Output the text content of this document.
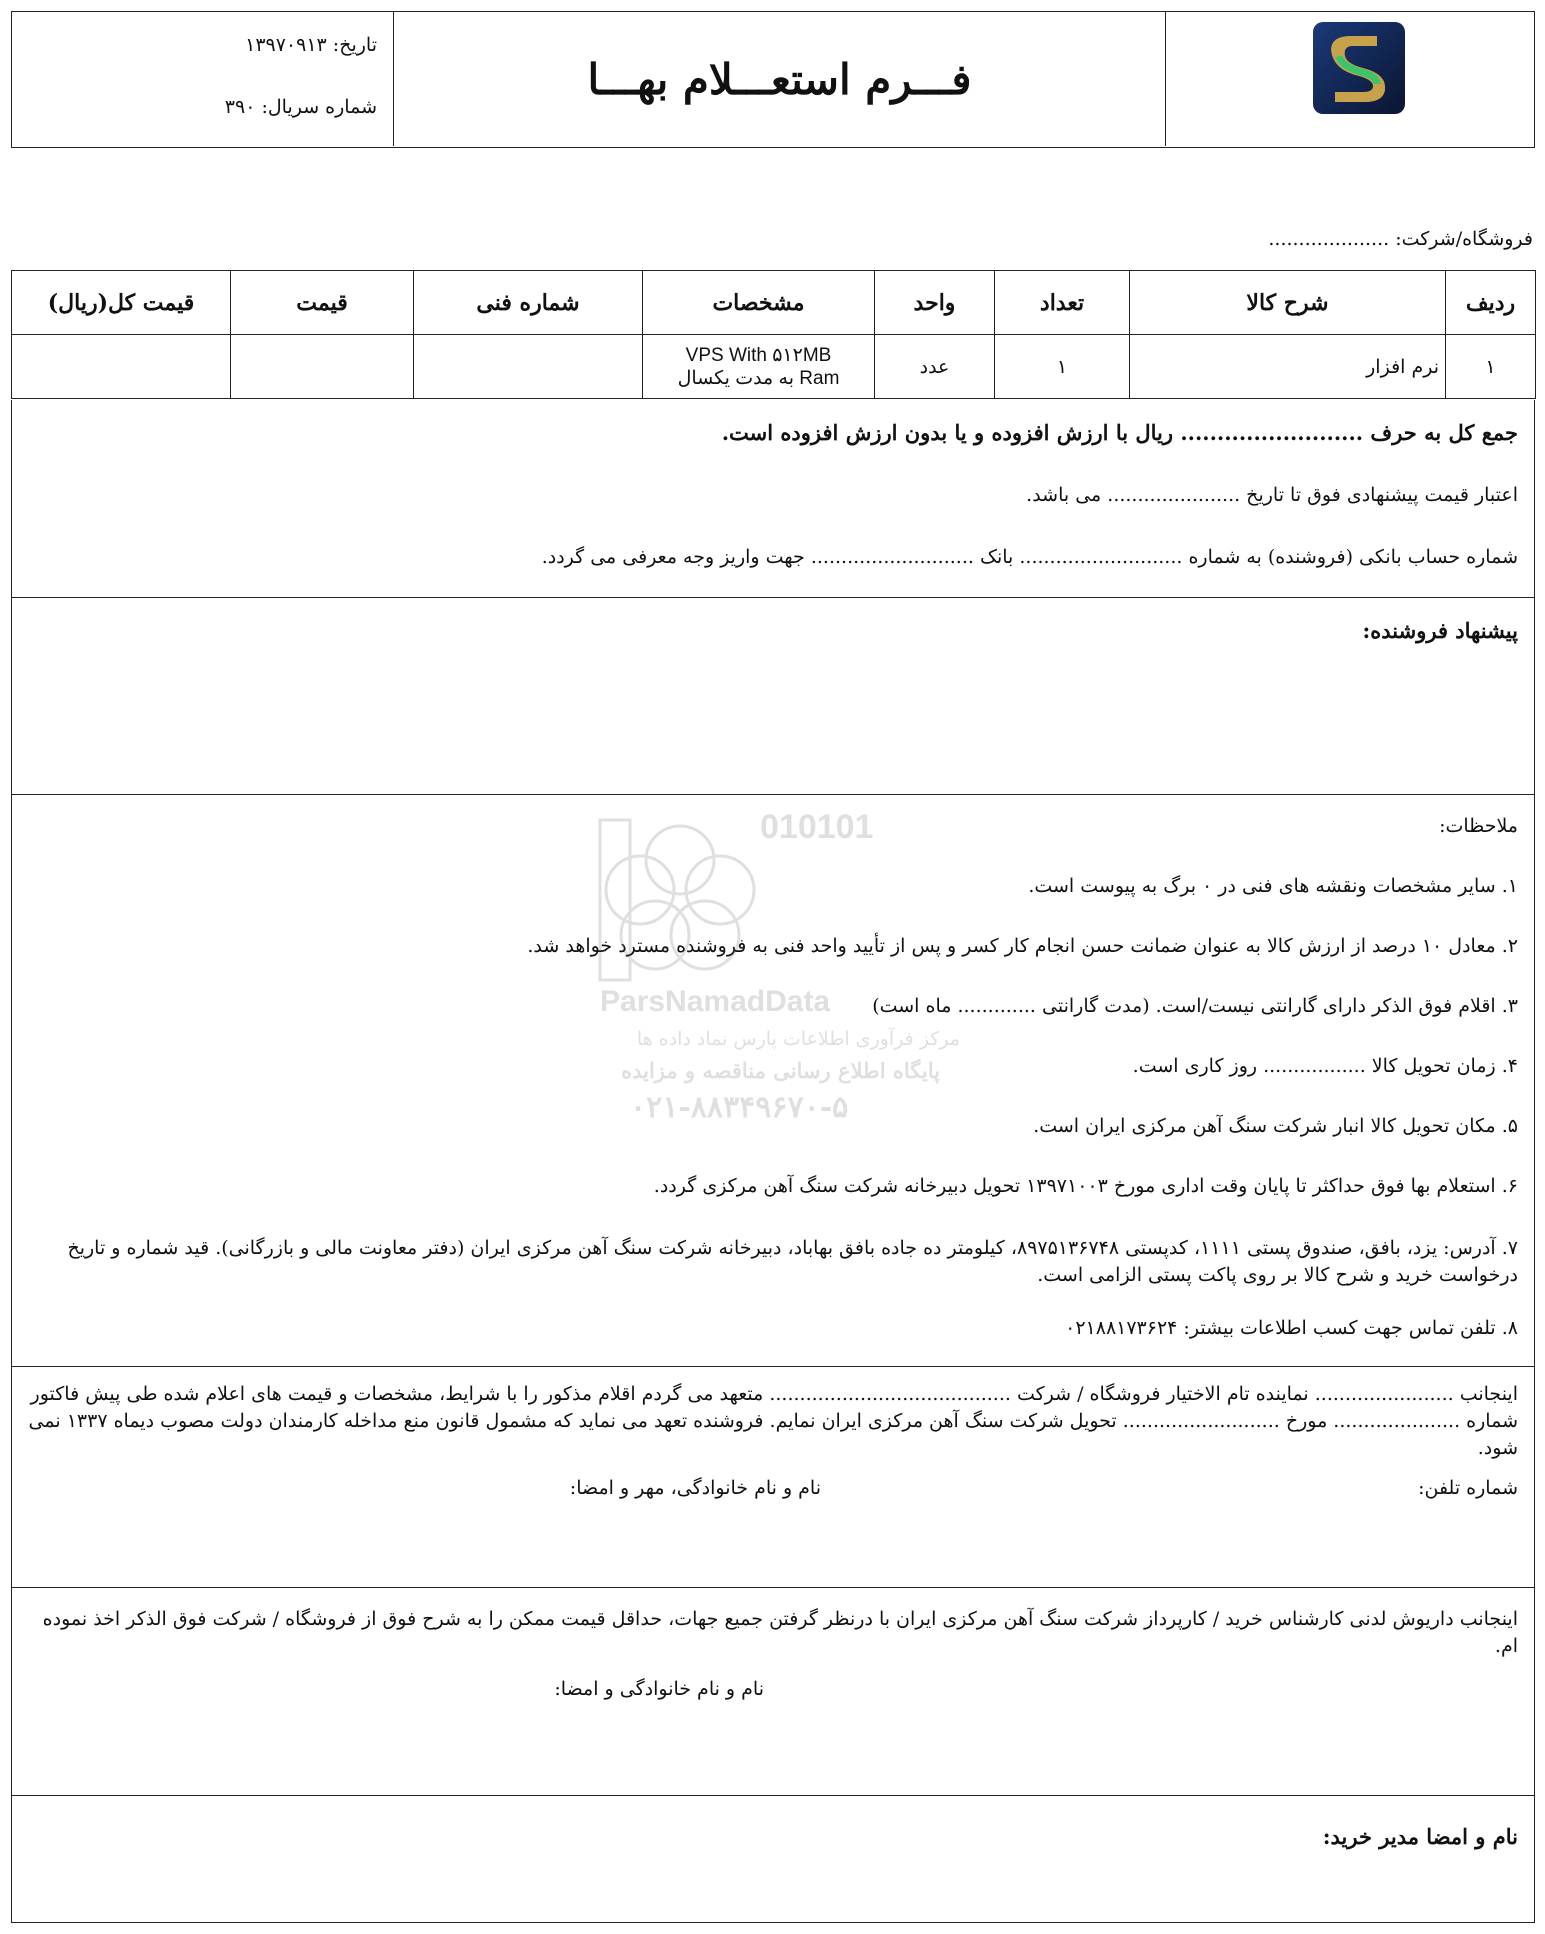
تاریخ: ۱۳۹۷۰۹۱۳
شماره سریال: ۳۹۰
فـــرم استعـــلام بهـــا
فروشگاه/شرکت: ....................
ردیف	شرح کالا	تعداد	واحد	مشخصات	شماره فنی	قیمت	قیمت کل(ریال)
۱	نرم افزار	۱	عدد	VPS With ۵۱۲MB
Ram به مدت یکسال			

جمع کل به حرف ......................... ریال با ارزش افزوده و یا بدون ارزش افزوده است.
اعتبار قیمت پیشنهادی فوق تا تاریخ ...................... می باشد.
شماره حساب بانکی (فروشنده) به شماره ........................... بانک ........................... جهت واریز وجه معرفی می گردد.
پیشنهاد فروشنده:
ملاحظات:
۱. سایر مشخصات ونقشه های فنی در ۰ برگ به پیوست است.
۲. معادل ۱۰ درصد از ارزش کالا به عنوان ضمانت حسن انجام کار کسر و پس از تأیید واحد فنی به فروشنده مسترد خواهد شد.
۳. اقلام فوق الذکر دارای گارانتی نیست/است. (مدت گارانتی ............. ماه است)
۴. زمان تحویل کالا ................. روز کاری است.
۵. مکان تحویل کالا انبار شرکت سنگ آهن مرکزی ایران است.
۶. استعلام بها فوق حداکثر تا پایان وقت اداری مورخ ۱۳۹۷۱۰۰۳ تحویل دبیرخانه شرکت سنگ آهن مرکزی گردد.
۷. آدرس: یزد، بافق، صندوق پستی ۱۱۱۱، کدپستی ۸۹۷۵۱۳۶۷۴۸، کیلومتر ده جاده بافق بهاباد، دبیرخانه شرکت سنگ آهن مرکزی ایران (دفتر معاونت مالی و بازرگانی). قید شماره و تاریخ درخواست خرید و شرح کالا بر روی پاکت پستی الزامی است.
۸. تلفن تماس جهت کسب اطلاعات بیشتر: ۰۲۱۸۸۱۷۳۶۲۴
010101
ParsNamadData
مرکز فرآوری اطلاعات پارس نماد داده ها
پایگاه اطلاع رسانی مناقصه و مزایده
۰۲۱-۸۸۳۴۹۶۷۰-۵
اینجانب ....................... نماینده تام الاختیار فروشگاه / شرکت ........................................ متعهد می گردم اقلام مذکور را با شرایط، مشخصات و قیمت های اعلام شده طی پیش فاکتور شماره ..................... مورخ .......................... تحویل شرکت سنگ آهن مرکزی ایران نمایم. فروشنده تعهد می نماید که مشمول قانون منع مداخله کارمندان دولت مصوب دیماه ۱۳۳۷ نمی شود.
شماره تلفن:
نام و نام خانوادگی، مهر و امضا:
اینجانب داریوش لدنی کارشناس خرید / کارپرداز شرکت سنگ آهن مرکزی ایران با درنظر گرفتن جمیع جهات، حداقل قیمت ممکن را به شرح فوق از فروشگاه / شرکت فوق الذکر اخذ نموده ام.
نام و نام خانوادگی و امضا:
نام و امضا مدیر خرید:
